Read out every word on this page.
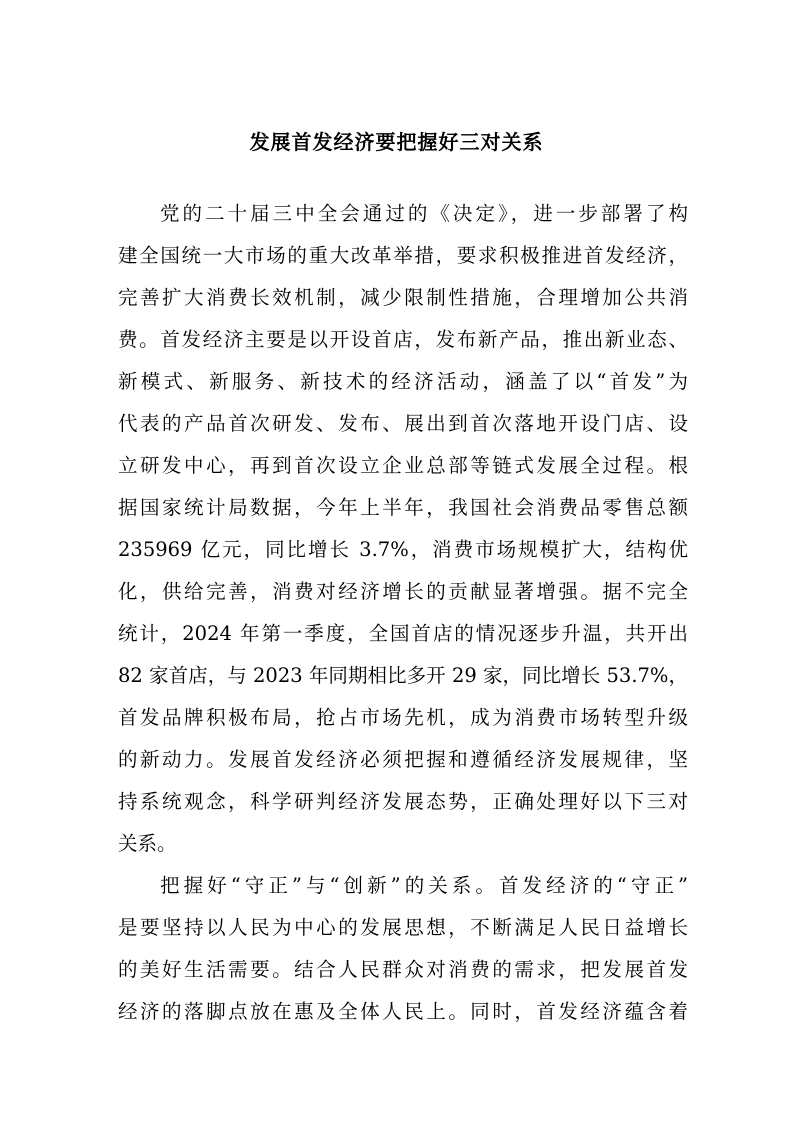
发展首发经济要把握好三对关系

党的二十届三中全会通过的《决定》，进一步部署了构

建全国统一大市场的重大改革举措，要求积极推进首发经济，

完善扩大消费长效机制，减少限制性措施，合理增加公共消

费。首发经济主要是以开设首店，发布新产品，推出新业态、

新模式、新服务、新技术的经济活动，涵盖了以“首发”为

代表的产品首次研发、发布、展出到首次落地开设门店、设

立研发中心，再到首次设立企业总部等链式发展全过程。根

据国家统计局数据，今年上半年，我国社会消费品零售总额

235969 亿元，同比增长 3.7%，消费市场规模扩大，结构优

化，供给完善，消费对经济增长的贡献显著增强。据不完全

统计，2024 年第一季度，全国首店的情况逐步升温，共开出

82 家首店，与 2023 年同期相比多开 29 家，同比增长 53.7%，

首发品牌积极布局，抢占市场先机，成为消费市场转型升级

的新动力。发展首发经济必须把握和遵循经济发展规律，坚

持系统观念，科学研判经济发展态势，正确处理好以下三对

关系。

把握好“守正”与“创新”的关系。首发经济的“守正”

是要坚持以人民为中心的发展思想，不断满足人民日益增长

的美好生活需要。结合人民群众对消费的需求，把发展首发

经济的落脚点放在惠及全体人民上。同时，首发经济蕴含着
